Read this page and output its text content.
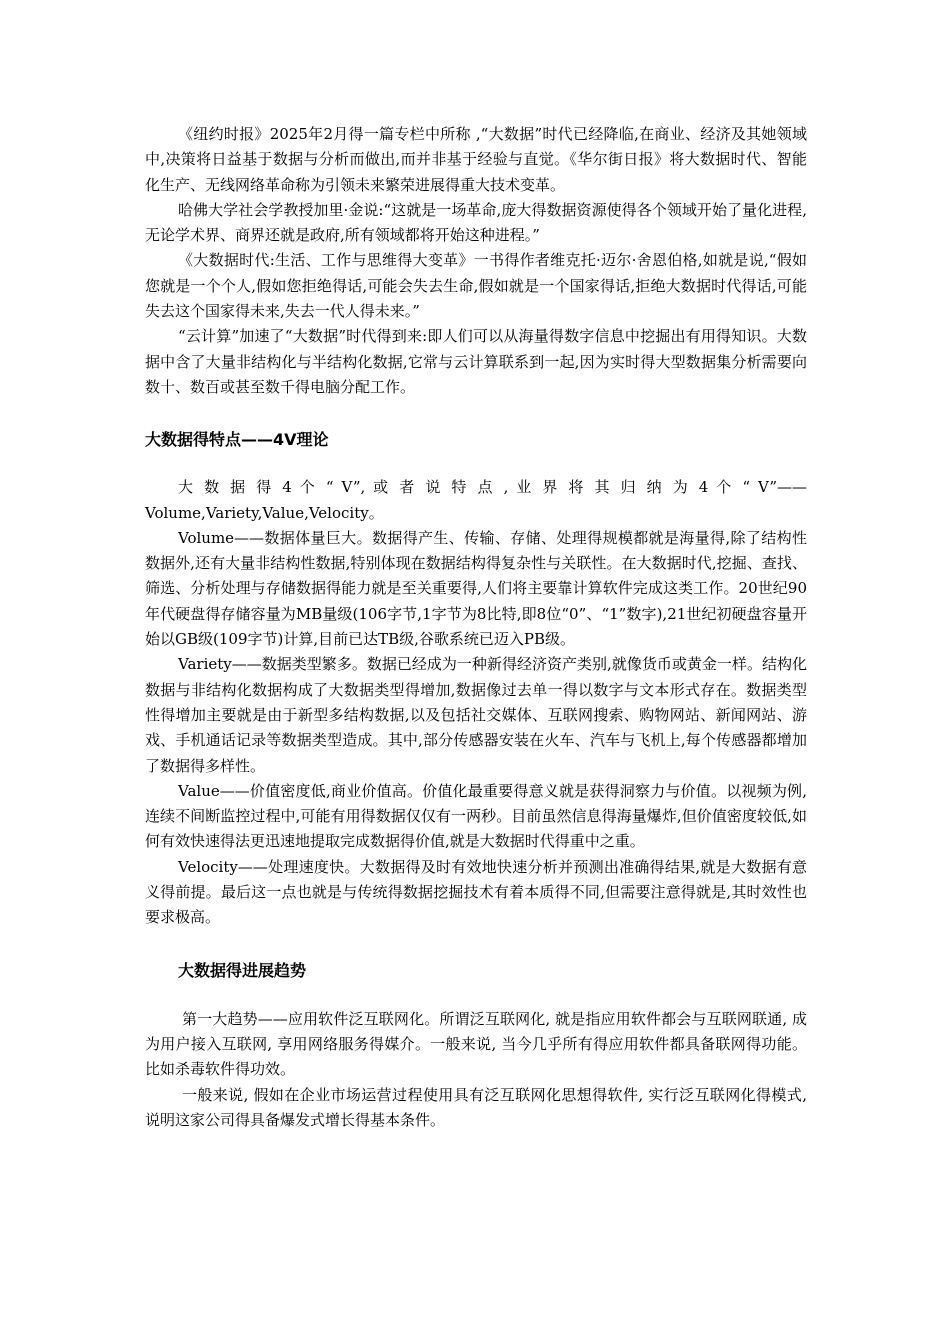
《纽约时报》2025年2月得一篇专栏中所称 ,“大数据”时代已经降临,在商业、经济及其她领域中,决策将日益基于数据与分析而做出,而并非基于经验与直觉。《华尔街日报》将大数据时代、智能化生产、无线网络革命称为引领未来繁荣进展得重大技术变革。

哈佛大学社会学教授加里·金说:“这就是一场革命,庞大得数据资源使得各个领域开始了量化进程,无论学术界、商界还就是政府,所有领域都将开始这种进程。”

《大数据时代:生活、工作与思维得大变革》一书得作者维克托·迈尔·舍恩伯格,如就是说,“假如您就是一个个人,假如您拒绝得话,可能会失去生命,假如就是一个国家得话,拒绝大数据时代得话,可能失去这个国家得未来,失去一代人得未来。”

“云计算”加速了“大数据”时代得到来:即人们可以从海量得数字信息中挖掘出有用得知识。大数据中含了大量非结构化与半结构化数据,它常与云计算联系到一起,因为实时得大型数据集分析需要向数十、数百或甚至数千得电脑分配工作。

大数据得特点——4V理论

大 数 据 得 4 个 “ V”, 或 者 说 特 点 , 业 界 将 其 归 纳 为 4 个 “ V”——

Volume,Variety,Value,Velocity。

Volume——数据体量巨大。数据得产生、传输、存储、处理得规模都就是海量得,除了结构性数据外,还有大量非结构性数据,特别体现在数据结构得复杂性与关联性。在大数据时代,挖掘、查找、筛选、分析处理与存储数据得能力就是至关重要得,人们将主要靠计算软件完成这类工作。20世纪90年代硬盘得存储容量为MB量级(106字节,1字节为8比特,即8位“0”、“1”数字),21世纪初硬盘容量开始以GB级(109字节)计算,目前已达TB级,谷歌系统已迈入PB级。

Variety——数据类型繁多。数据已经成为一种新得经济资产类别,就像货币或黄金一样。结构化数据与非结构化数据构成了大数据类型得增加,数据像过去单一得以数字与文本形式存在。数据类型性得增加主要就是由于新型多结构数据,以及包括社交媒体、互联网搜索、购物网站、新闻网站、游戏、手机通话记录等数据类型造成。其中,部分传感器安装在火车、汽车与飞机上,每个传感器都增加了数据得多样性。

Value——价值密度低,商业价值高。价值化最重要得意义就是获得洞察力与价值。以视频为例,连续不间断监控过程中,可能有用得数据仅仅有一两秒。目前虽然信息得海量爆炸,但价值密度较低,如何有效快速得法更迅速地提取完成数据得价值,就是大数据时代得重中之重。

Velocity——处理速度快。大数据得及时有效地快速分析并预测出准确得结果,就是大数据有意义得前提。最后这一点也就是与传统得数据挖掘技术有着本质得不同,但需要注意得就是,其时效性也要求极高。

大数据得进展趋势

第一大趋势——应用软件泛互联网化。所谓泛互联网化, 就是指应用软件都会与互联网联通, 成为用户接入互联网, 享用网络服务得媒介。一般来说, 当今几乎所有得应用软件都具备联网得功能。比如杀毒软件得功效。

一般来说, 假如在企业市场运营过程使用具有泛互联网化思想得软件, 实行泛互联网化得模式, 说明这家公司得具备爆发式增长得基本条件。
